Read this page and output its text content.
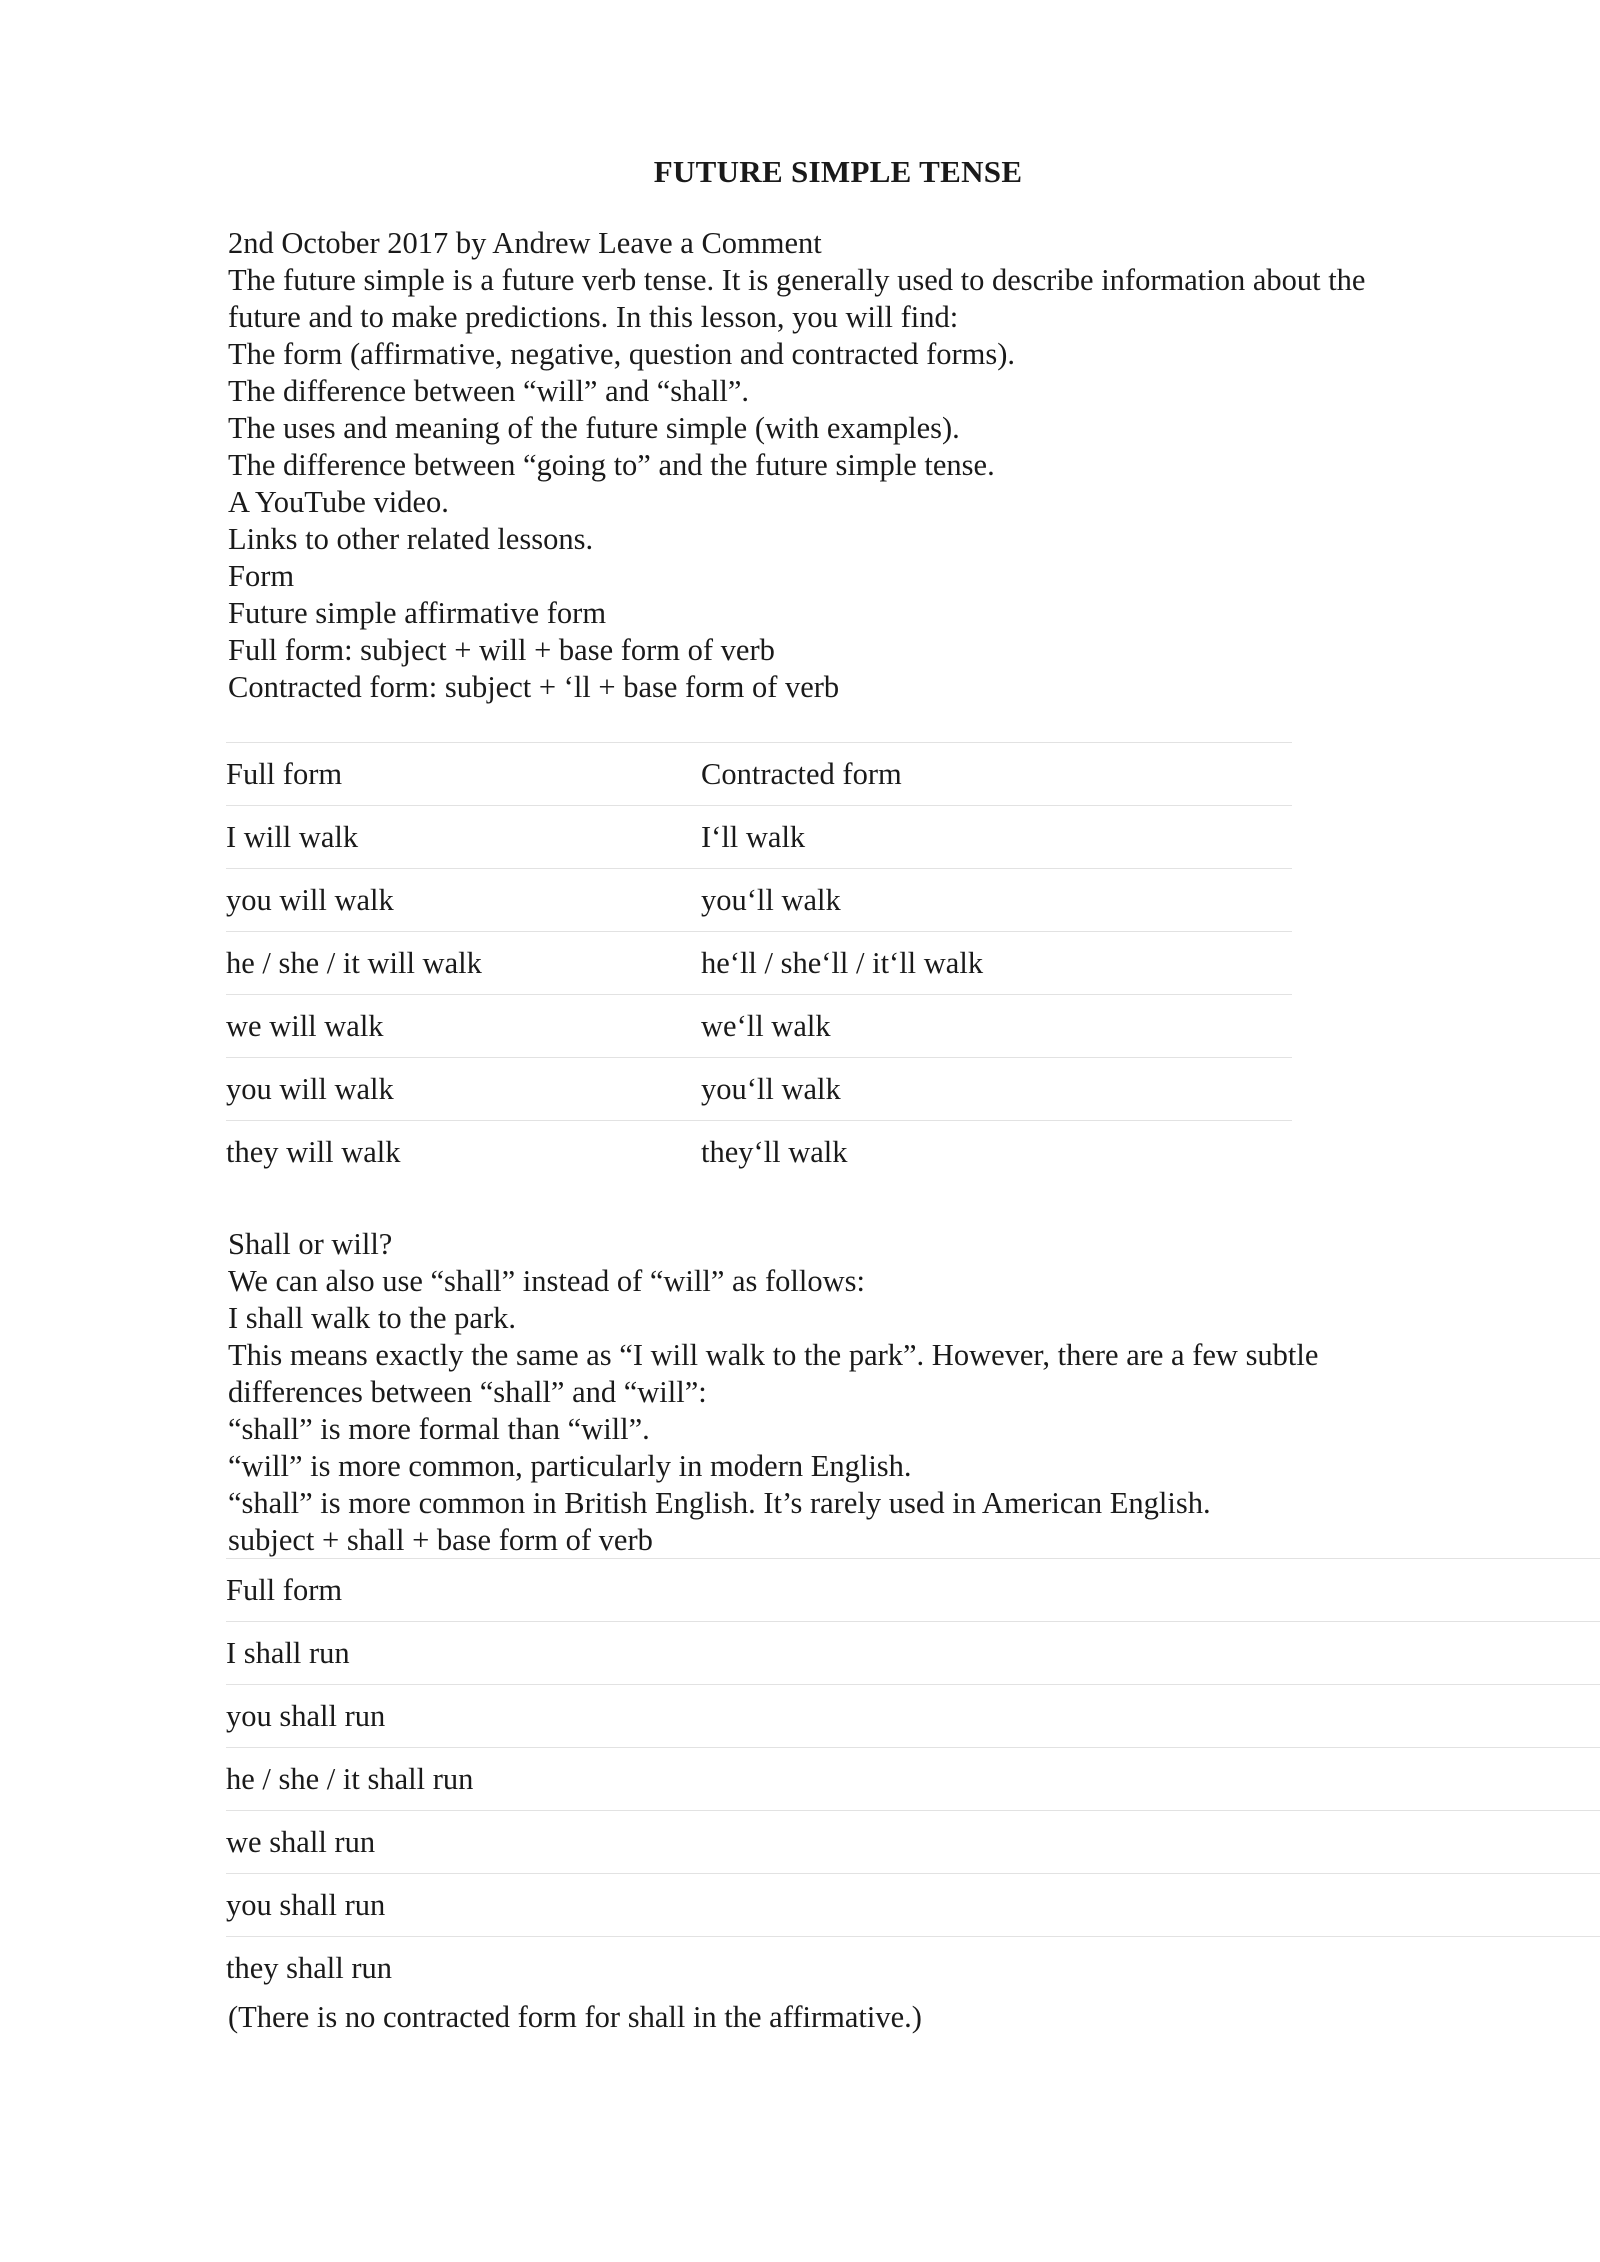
FUTURE SIMPLE TENSE

2nd October 2017 by Andrew Leave a Comment

The future simple is a future verb tense. It is generally used to describe information about the

future and to make predictions. In this lesson, you will find:

The form (affirmative, negative, question and contracted forms).

The difference between “will” and “shall”.

The uses and meaning of the future simple (with examples).

The difference between “going to” and the future simple tense.

A YouTube video.

Links to other related lessons.

Form

Future simple affirmative form

Full form: subject + will + base form of verb

Contracted form: subject + ‘ll + base form of verb

Full form	Contracted form
I will walk	I‘ll walk
you will walk	you‘ll walk
he / she / it will walk	he‘ll / she‘ll / it‘ll walk
we will walk	we‘ll walk
you will walk	you‘ll walk
they will walk	they‘ll walk

Shall or will?

We can also use “shall” instead of “will” as follows:

I shall walk to the park.

This means exactly the same as “I will walk to the park”. However, there are a few subtle

differences between “shall” and “will”:

“shall” is more formal than “will”.

“will” is more common, particularly in modern English.

“shall” is more common in British English. It’s rarely used in American English.

subject + shall + base form of verb

Full form
I shall run
you shall run
he / she / it shall run
we shall run
you shall run
they shall run

(There is no contracted form for shall in the affirmative.)
